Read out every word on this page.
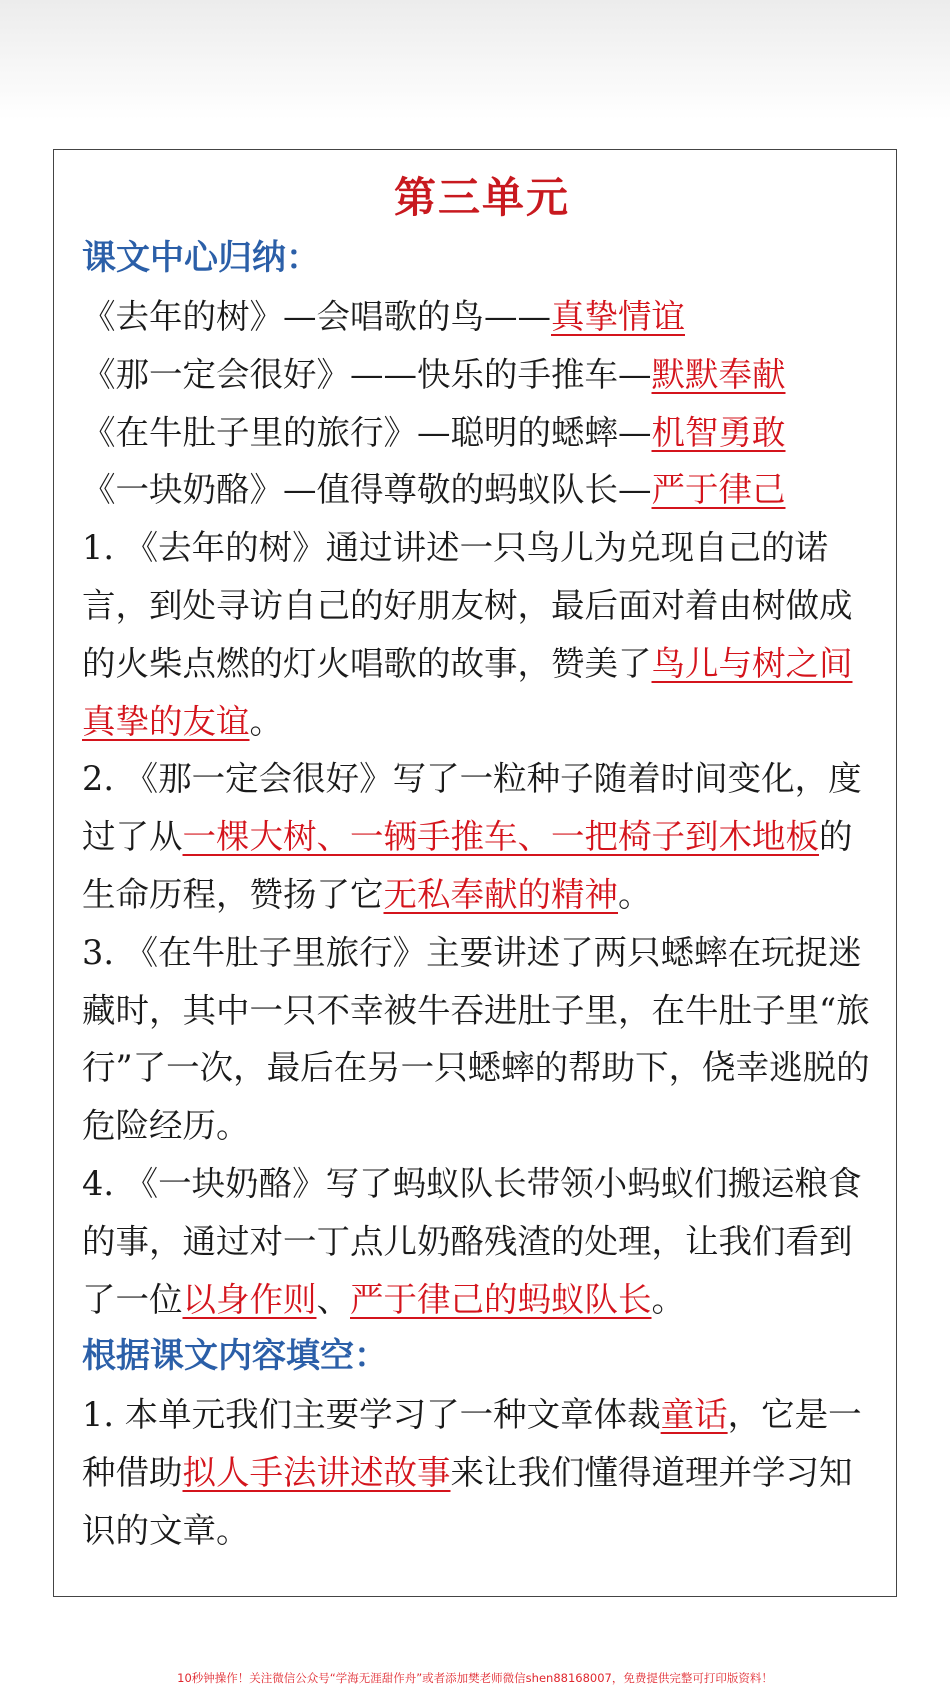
第三单元
课文中心归纳：
《去年的树》—会唱歌的鸟——真挚情谊
《那一定会很好》——快乐的手推车—默默奉献
《在牛肚子里的旅行》—聪明的蟋蟀—机智勇敢
《一块奶酪》—值得尊敬的蚂蚁队长—严于律己
1. 《去年的树》通过讲述一只鸟儿为兑现自己的诺言，到处寻访自己的好朋友树，最后面对着由树做成的火柴点燃的灯火唱歌的故事，赞美了鸟儿与树之间真挚的友谊。
2. 《那一定会很好》写了一粒种子随着时间变化，度过了从一棵大树、一辆手推车、一把椅子到木地板的生命历程，赞扬了它无私奉献的精神。
3. 《在牛肚子里旅行》主要讲述了两只蟋蟀在玩捉迷藏时，其中一只不幸被牛吞进肚子里，在牛肚子里“旅行”了一次，最后在另一只蟋蟀的帮助下，侥幸逃脱的危险经历。
4. 《一块奶酪》写了蚂蚁队长带领小蚂蚁们搬运粮食的事，通过对一丁点儿奶酪残渣的处理，让我们看到了一位以身作则、严于律己的蚂蚁队长。
根据课文内容填空：
1. 本单元我们主要学习了一种文章体裁童话，它是一种借助拟人手法讲述故事来让我们懂得道理并学习知识的文章。
10秒钟操作！关注微信公众号“学海无涯甜作舟”或者添加樊老师微信shen88168007，免费提供完整可打印版资料！
